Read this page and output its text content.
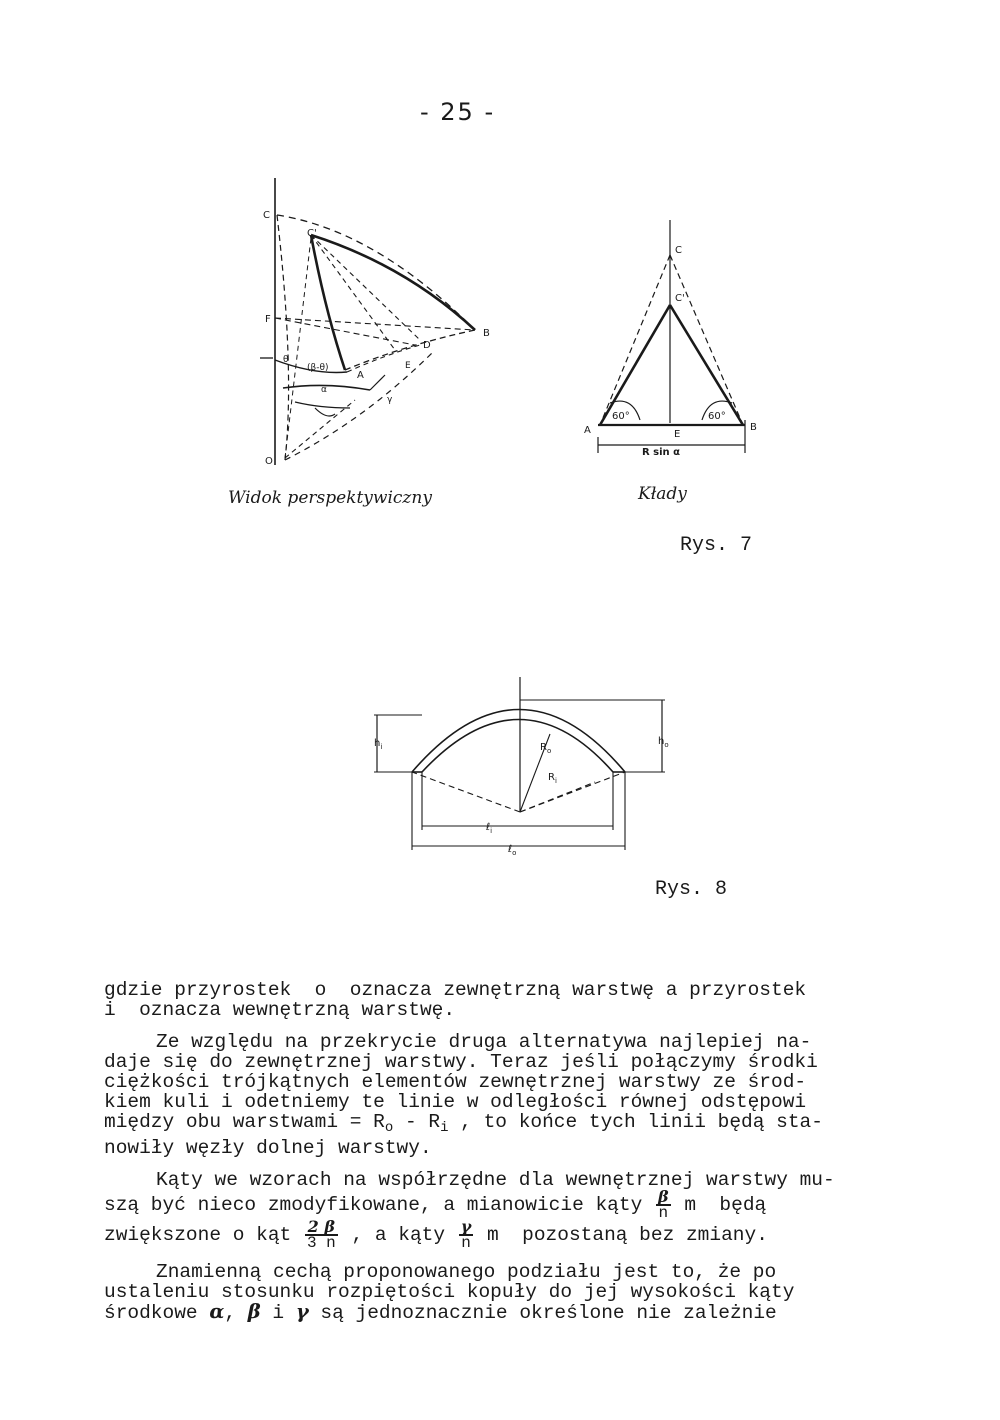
- 25 -
C
C'
F
O
B
D
E
A
γ
(β-θ)
θ
α
C
C'
A	B
E
60°	60°
R sin α
Widok perspektywiczny	Kłady
Rys. 7
$h_i$	$h_o$
$R_o$
$R_i$
ℓ$_i$
ℓ$_o$
Rys. 8

gdzie przyrostek  o  oznacza zewnętrzną warstwę a przyrostek
i  oznacza wewnętrzną warstwę.

Ze względu na przekrycie druga alternatywa najlepiej na-
daje się do zewnętrznej warstwy. Teraz jeśli połączymy środki
ciężkości trójkątnych elementów zewnętrznej warstwy ze środ-
kiem kuli i odetniemy te linie w odległości równej odstępowi
między obu warstwami = $R_o - R_i$ , to końce tych linii będą sta-
nowiły węzły dolnej warstwy.

Kąty we wzorach na współrzędne dla wewnętrznej warstwy mu-
szą być nieco zmodyfikowane, a mianowicie kąty $\frac{\beta}{n}$ m  będą
zwiększone o kąt $\frac{2 \beta}{3 n}$ , a kąty $\frac{\gamma}{n}$ m  pozostaną bez zmiany.

Znamienną cechą proponowanego podziału jest to, że po
ustaleniu stosunku rozpiętości kopuły do jej wysokości kąty
środkowe α, β i γ są jednoznacznie określone nie zależnie
